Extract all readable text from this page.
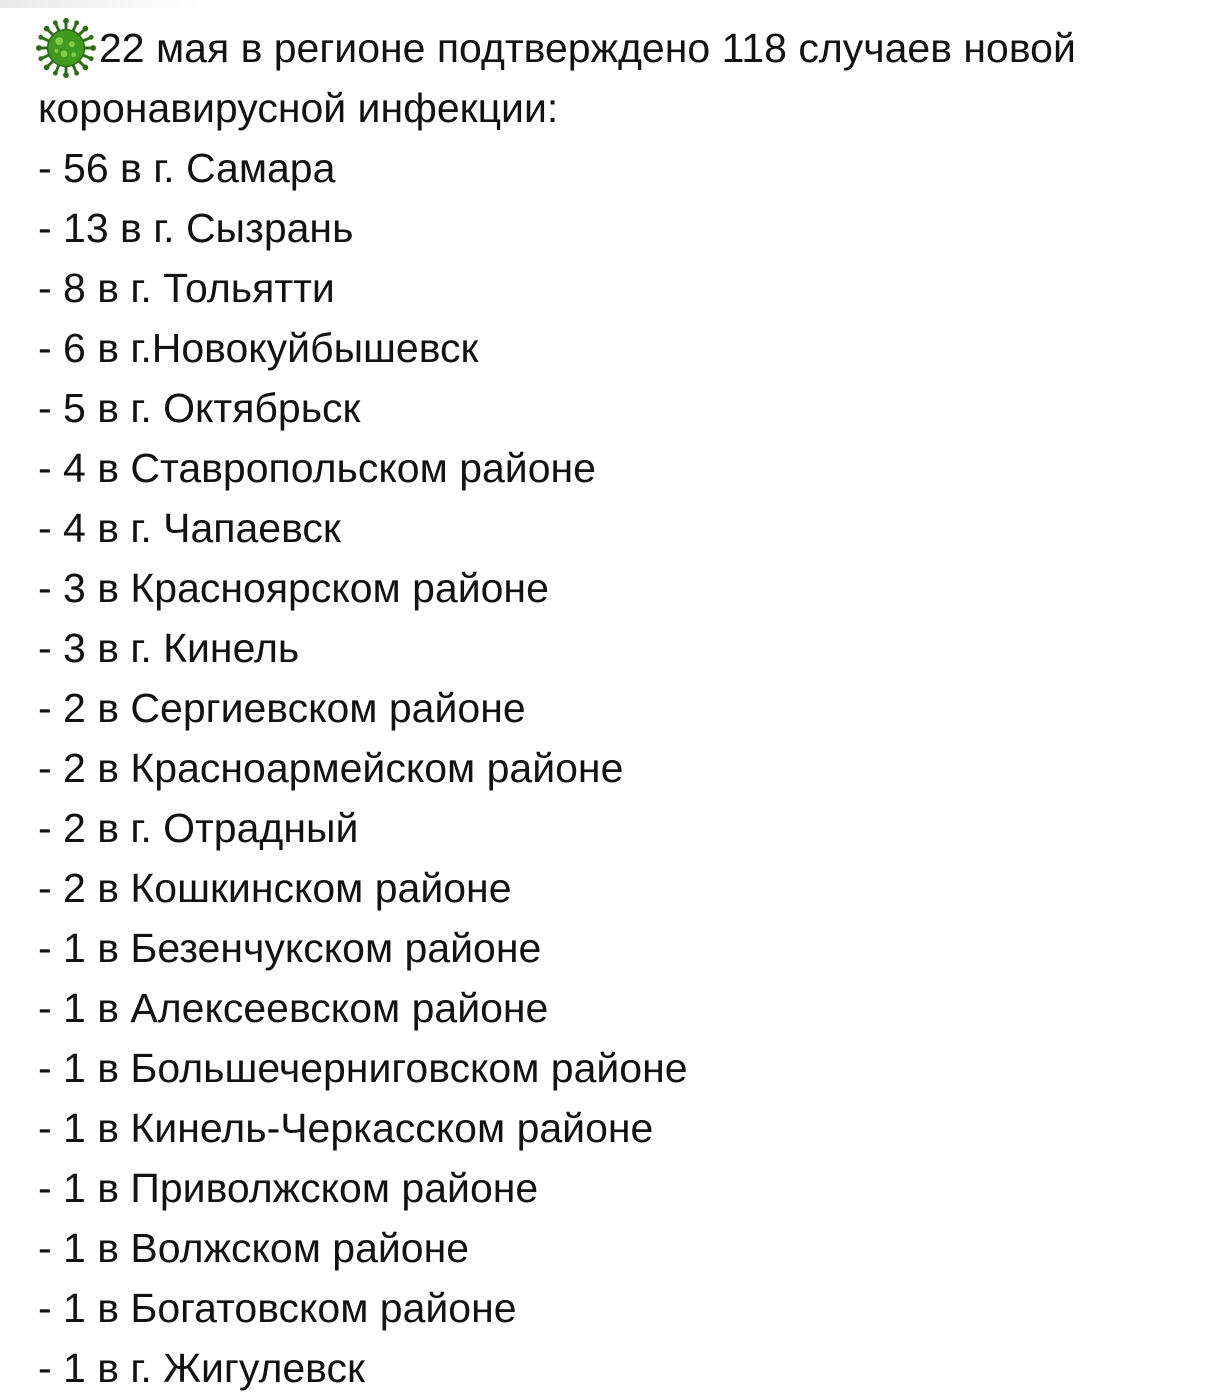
22 мая в регионе подтверждено 118 случаев новой
коронавирусной инфекции:
- 56 в г. Самара
- 13 в г. Сызрань
- 8 в г. Тольятти
- 6 в г.Новокуйбышевск
- 5 в г. Октябрьск
- 4 в Ставропольском районе
- 4 в г. Чапаевск
- 3 в Красноярском районе
- 3 в г. Кинель
- 2 в Сергиевском районе
- 2 в Красноармейском районе
- 2 в г. Отрадный
- 2 в Кошкинском районе
- 1 в Безенчукском районе
- 1 в Алексеевском районе
- 1 в Большечерниговском районе
- 1 в Кинель-Черкасском районе
- 1 в Приволжском районе
- 1 в Волжском районе
- 1 в Богатовском районе
- 1 в г. Жигулевск
